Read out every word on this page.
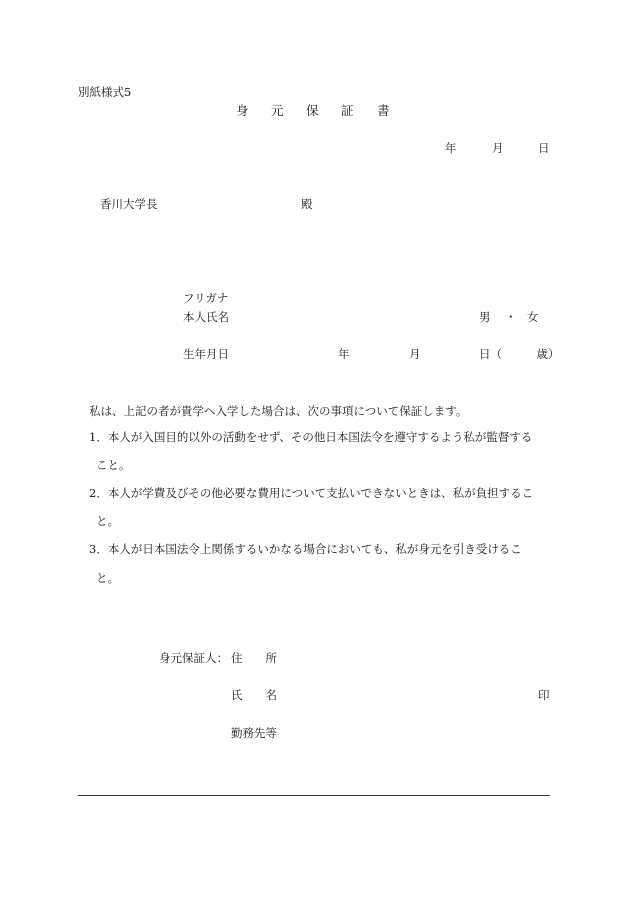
別紙様式5
身 元 保 証 書
年	月	日
香川大学長	殿
フリガナ
本人氏名	男 ・ 女
生年月日	年	月	日（　　　歳）
私は、上記の者が貴学へ入学した場合は、次の事項について保証します。
1．本人が入国目的以外の活動をせず、その他日本国法令を遵守するよう私が監督する
こと。
2．本人が学費及びその他必要な費用について支払いできないときは、私が負担するこ
と。
3．本人が日本国法令上関係するいかなる場合においても、私が身元を引き受けるこ
と。
身元保証人： 住　　所
氏　　名	印
勤務先等
